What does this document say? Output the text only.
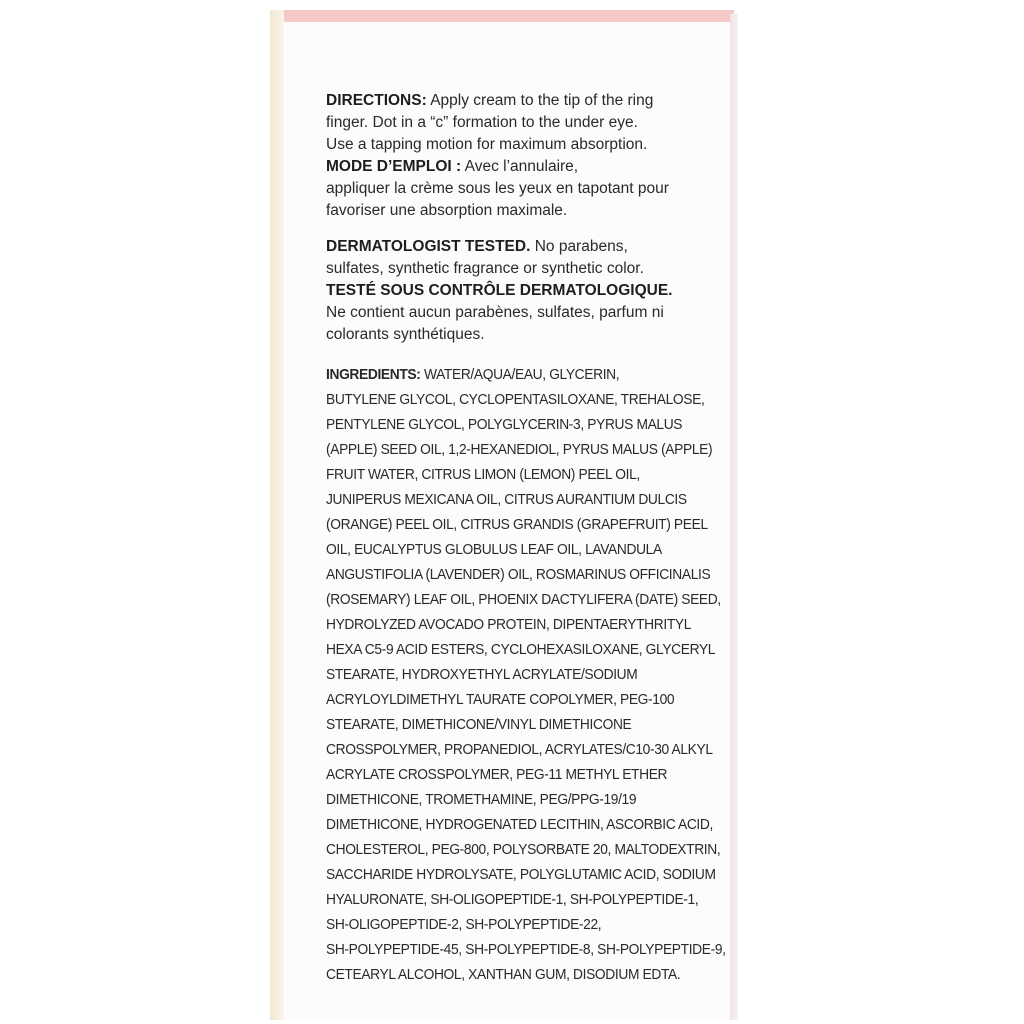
DIRECTIONS: Apply cream to the tip of the ring
finger. Dot in a “c” formation to the under eye.
Use a tapping motion for maximum absorption.

MODE D’EMPLOI : Avec l’annulaire,
appliquer la crème sous les yeux en tapotant pour
favoriser une absorption maximale.

DERMATOLOGIST TESTED. No parabens,
sulfates, synthetic fragrance or synthetic color.

TESTÉ SOUS CONTRÔLE DERMATOLOGIQUE.
Ne contient aucun parabènes, sulfates, parfum ni
colorants synthétiques.

INGREDIENTS: WATER/AQUA/EAU, GLYCERIN,
BUTYLENE GLYCOL, CYCLOPENTASILOXANE, TREHALOSE,
PENTYLENE GLYCOL, POLYGLYCERIN-3, PYRUS MALUS
(APPLE) SEED OIL, 1,2-HEXANEDIOL, PYRUS MALUS (APPLE)
FRUIT WATER, CITRUS LIMON (LEMON) PEEL OIL,
JUNIPERUS MEXICANA OIL, CITRUS AURANTIUM DULCIS
(ORANGE) PEEL OIL, CITRUS GRANDIS (GRAPEFRUIT) PEEL
OIL, EUCALYPTUS GLOBULUS LEAF OIL, LAVANDULA
ANGUSTIFOLIA (LAVENDER) OIL, ROSMARINUS OFFICINALIS
(ROSEMARY) LEAF OIL, PHOENIX DACTYLIFERA (DATE) SEED,
HYDROLYZED AVOCADO PROTEIN, DIPENTAERYTHRITYL
HEXA C5-9 ACID ESTERS, CYCLOHEXASILOXANE, GLYCERYL
STEARATE, HYDROXYETHYL ACRYLATE/SODIUM
ACRYLOYLDIMETHYL TAURATE COPOLYMER, PEG-100
STEARATE, DIMETHICONE/VINYL DIMETHICONE
CROSSPOLYMER, PROPANEDIOL, ACRYLATES/C10-30 ALKYL
ACRYLATE CROSSPOLYMER, PEG-11 METHYL ETHER
DIMETHICONE, TROMETHAMINE, PEG/PPG-19/19
DIMETHICONE, HYDROGENATED LECITHIN, ASCORBIC ACID,
CHOLESTEROL, PEG-800, POLYSORBATE 20, MALTODEXTRIN,
SACCHARIDE HYDROLYSATE, POLYGLUTAMIC ACID, SODIUM
HYALURONATE, SH-OLIGOPEPTIDE-1, SH-POLYPEPTIDE-1,
SH-OLIGOPEPTIDE-2, SH-POLYPEPTIDE-22,
SH-POLYPEPTIDE-45, SH-POLYPEPTIDE-8, SH-POLYPEPTIDE-9,
CETEARYL ALCOHOL, XANTHAN GUM, DISODIUM EDTA.
